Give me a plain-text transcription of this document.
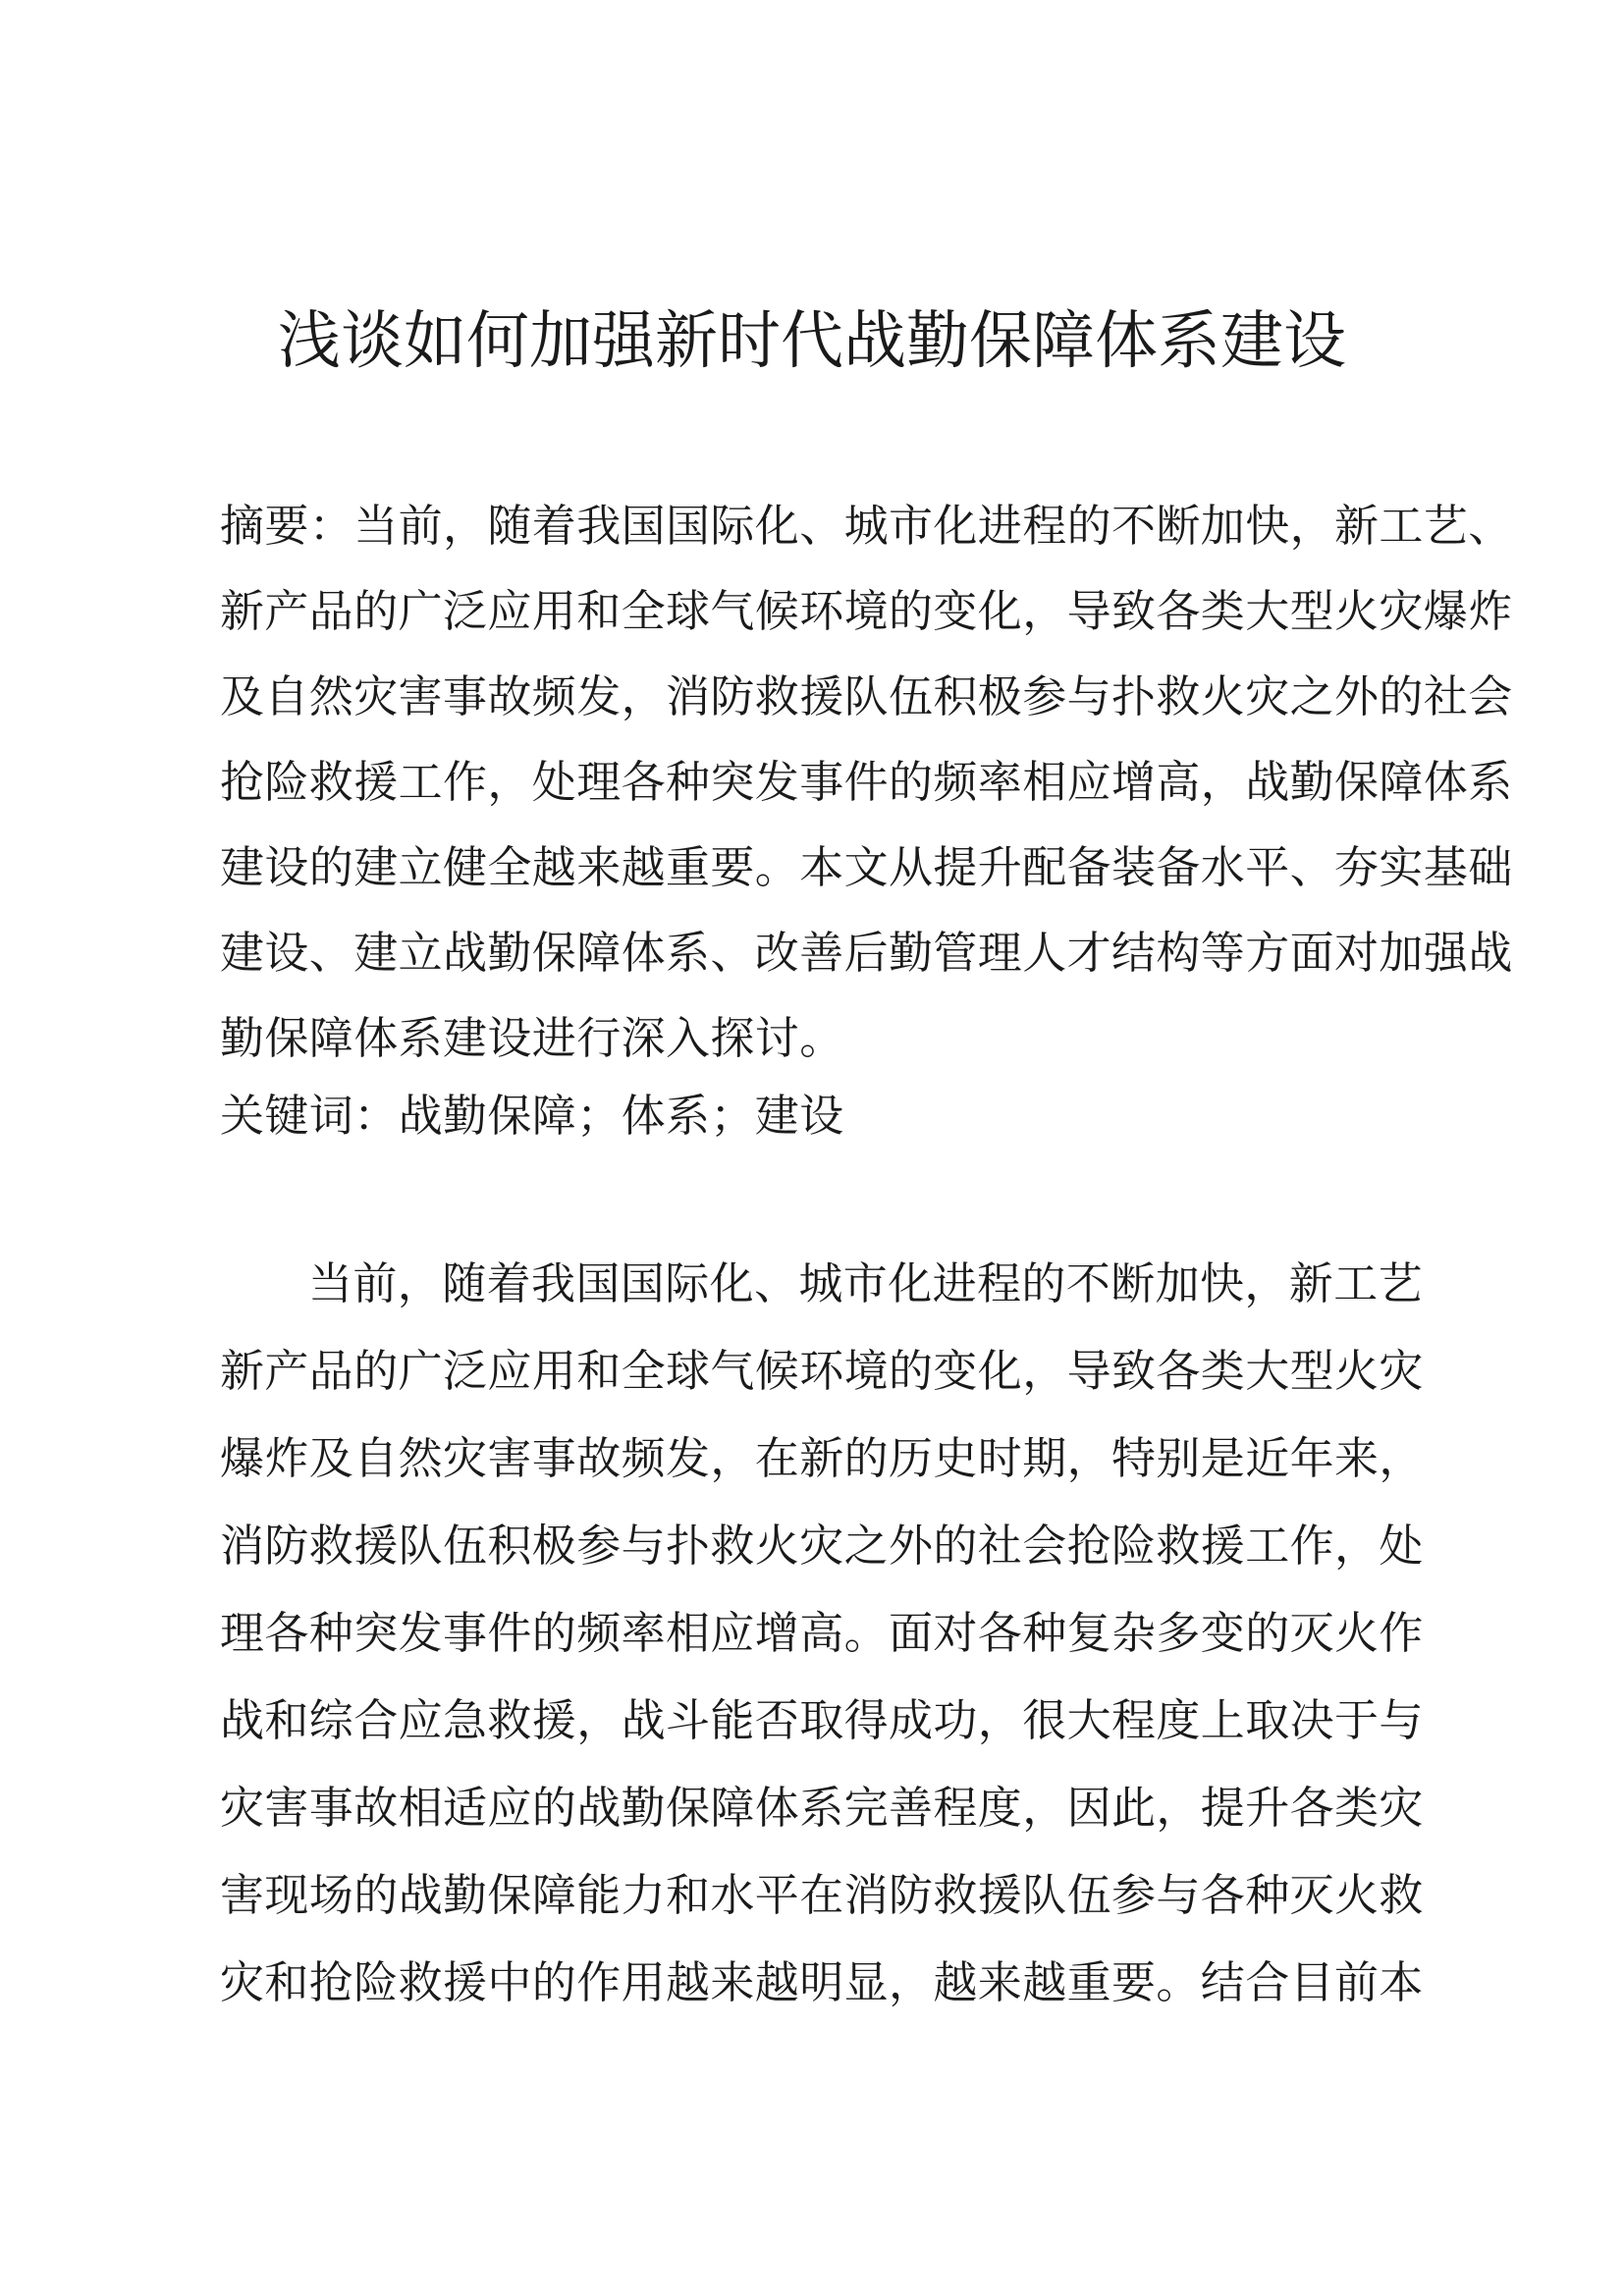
浅谈如何加强新时代战勤保障体系建设
摘要：当前，随着我国国际化、城市化进程的不断加快，新工艺、
新产品的广泛应用和全球气候环境的变化，导致各类大型火灾爆炸
及自然灾害事故频发，消防救援队伍积极参与扑救火灾之外的社会
抢险救援工作，处理各种突发事件的频率相应增高，战勤保障体系
建设的建立健全越来越重要。本文从提升配备装备水平、夯实基础
建设、建立战勤保障体系、改善后勤管理人才结构等方面对加强战
勤保障体系建设进行深入探讨。
关键词：战勤保障；体系；建设
当前，随着我国国际化、城市化进程的不断加快，新工艺
新产品的广泛应用和全球气候环境的变化，导致各类大型火灾
爆炸及自然灾害事故频发，在新的历史时期，特别是近年来，
消防救援队伍积极参与扑救火灾之外的社会抢险救援工作，处
理各种突发事件的频率相应增高。面对各种复杂多变的灭火作
战和综合应急救援，战斗能否取得成功，很大程度上取决于与
灾害事故相适应的战勤保障体系完善程度，因此，提升各类灾
害现场的战勤保障能力和水平在消防救援队伍参与各种灭火救
灾和抢险救援中的作用越来越明显，越来越重要。结合目前本
